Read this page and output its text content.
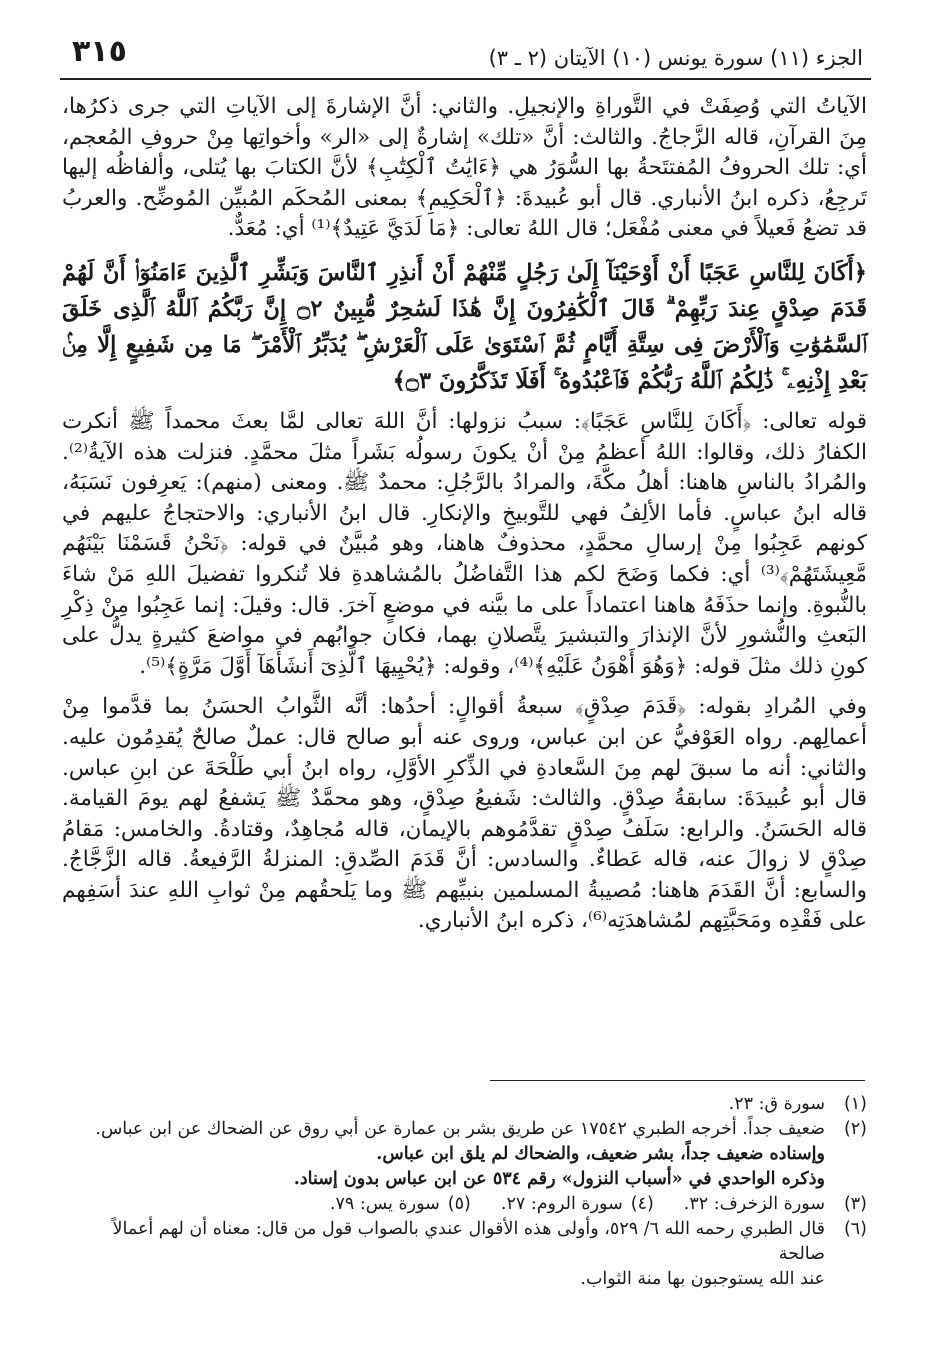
٣١٥	الجزء (١١) سورة يونس (١٠) الآيتان (٢ ـ ٣)

الآياتُ التي وُصِفَتْ في التَّوراةِ والإنجيلِ. والثاني: أنَّ الإشارةَ إلى الآياتِ التي جرى ذكرُها، مِنَ القرآنِ، قاله الزَّجاجُ. والثالث: أنَّ «تلك» إشارةٌ إلى «الر» وأخواتِها مِنْ حروفِ المُعجم، أي: تلك الحروفُ المُفتتَحةُ بها السُّوَرُ هي ﴿ءَايَٰتُ ٱلْكِتَٰبِ﴾ لأنَّ الكتابَ بها يُتلى، وألفاظُه إليها تَرجِعُ، ذكره ابنُ الأنباري. قال أبو عُبيدةَ: ﴿ٱلْحَكِيمِ﴾ بمعنى المُحكَم المُبيِّن المُوضِّح. والعربُ قد تضعُ فَعيلاً في معنى مُفْعَل؛ قال اللهُ تعالى: ﴿مَا لَدَيَّ عَتِيدٌ﴾⁽¹⁾ أي: مُعَدٌّ.

﴿أَكَانَ لِلنَّاسِ عَجَبًا أَنْ أَوْحَيْنَآ إِلَىٰ رَجُلٍ مِّنْهُمْ أَنْ أَنذِرِ ٱلنَّاسَ وَبَشِّرِ ٱلَّذِينَ ءَامَنُوٓا۟ أَنَّ لَهُمْ قَدَمَ صِدْقٍ عِندَ رَبِّهِمْ ۗ قَالَ ٱلْكَٰفِرُونَ إِنَّ هَٰذَا لَسَٰحِرٌ مُّبِينٌ ۝٢ إِنَّ رَبَّكُمُ ٱللَّهُ ٱلَّذِى خَلَقَ ٱلسَّمَٰوَٰتِ وَٱلْأَرْضَ فِى سِتَّةِ أَيَّامٍ ثُمَّ ٱسْتَوَىٰ عَلَى ٱلْعَرْشِ ۖ يُدَبِّرُ ٱلْأَمْرَ ۖ مَا مِن شَفِيعٍ إِلَّا مِنۢ بَعْدِ إِذْنِهِۦ ۚ ذَٰلِكُمُ ٱللَّهُ رَبُّكُمْ فَٱعْبُدُوهُ ۚ أَفَلَا تَذَكَّرُونَ ۝٣﴾

قوله تعالى: ﴿أَكَانَ لِلنَّاسِ عَجَبًا﴾: سببُ نزولها: أنَّ اللهَ تعالى لمَّا بعثَ محمداً ﷺ أنكرت الكفارُ ذلك، وقالوا: اللهُ أعظمُ مِنْ أنْ يكونَ رسولُه بَشَراً مثلَ محمَّدٍ. فنزلت هذه الآيةُ⁽²⁾. والمُرادُ بالناسِ هاهنا: أهلُ مكَّةَ، والمرادُ بالرَّجُلِ: محمدٌ ﷺ. ومعنى (منهم): يَعرِفون نَسَبَهُ، قاله ابنُ عباسٍ. فأما الألِفُ فهي للتَّوبيخِ والإنكارِ. قال ابنُ الأنباري: والاحتجاجُ عليهم في كونهم عَجِبُوا مِنْ إرسالِ محمَّدٍ، محذوفٌ هاهنا، وهو مُبيَّنٌ في قوله: ﴿نَحْنُ قَسَمْنَا بَيْنَهُم مَّعِيشَتَهُمْ﴾⁽³⁾ أي: فكما وَضَحَ لكم هذا التَّفاضُلُ بالمُشاهدةِ فلا تُنكروا تفضيلَ اللهِ مَنْ شاءَ بالنُّبوةِ. وإنما حذَفَهُ هاهنا اعتماداً على ما بيَّنه في موضعٍ آخرَ. قال: وقيلَ: إنما عَجِبُوا مِنْ ذِكْرِ البَعثِ والنُّشورِ لأنَّ الإنذارَ والتبشيرَ يتَّصلانِ بهما، فكان جوابُهم في مواضعَ كثيرةٍ يدلُّ على كونِ ذلك مثلَ قوله: ﴿وَهُوَ أَهْوَنُ عَلَيْهِ﴾⁽⁴⁾، وقوله: ﴿يُحْيِيهَا ٱلَّذِىٓ أَنشَأَهَآ أَوَّلَ مَرَّةٍ﴾⁽⁵⁾.

وفي المُرادِ بقوله: ﴿قَدَمَ صِدْقٍ﴾ سبعةُ أقوالٍ: أحدُها: أنَّه الثَّوابُ الحسَنُ بما قدَّموا مِنْ أعمالِهم. رواه العَوْفيُّ عن ابن عباس، وروى عنه أبو صالح قال: عملٌ صالحٌ يُقدِمُون عليه. والثاني: أنه ما سبقَ لهم مِنَ السَّعادةِ في الذِّكرِ الأوَّلِ، رواه ابنُ أبي طَلْحَةَ عن ابنِ عباس. قال أبو عُبيدَةَ: سابقةُ صِدْقٍ. والثالث: شَفيعُ صِدْقٍ، وهو محمَّدٌ ﷺ يَشفعُ لهم يومَ القيامة. قاله الحَسَنُ. والرابع: سَلَفُ صِدْقٍ تقدَّمُوهم بالإيمان، قاله مُجاهِدٌ، وقتادةُ. والخامس: مَقامُ صِدْقٍ لا زوالَ عنه، قاله عَطاءٌ. والسادس: أنَّ قَدَمَ الصِّدقِ: المنزلةُ الرَّفيعةُ. قاله الزَّجَّاجُ. والسابع: أنَّ القَدَمَ هاهنا: مُصيبةُ المسلمين بنبيِّهم ﷺ وما يَلحقُهم مِنْ ثوابِ اللهِ عندَ أسَفِهم على فَقْدِه ومَحَبَّتِهم لمُشاهدَتِه⁽⁶⁾، ذكره ابنُ الأنباري.

(١)
سورة ق: ٢٣.
(٢)
ضعيف جداً. أخرجه الطبري ١٧٥٤٢ عن طريق بشر بن عمارة عن أبي روق عن الضحاك عن ابن عباس.
وإسناده ضعيف جداً، بشر ضعيف، والضحاك لم يلق ابن عباس.
وذكره الواحدي في «أسباب النزول» رقم ٥٣٤ عن ابن عباس بدون إسناد.
(٣)
سورة الزخرف: ٣٢.
(٤)سورة الروم: ٢٧.
(٥)سورة يس: ٧٩.
(٦)
قال الطبري رحمه الله ٦/ ٥٢٩، وأولى هذه الأقوال عندي بالصواب قول من قال: معناه أن لهم أعمالاً صالحة
عند الله يستوجبون بها منة الثواب.
